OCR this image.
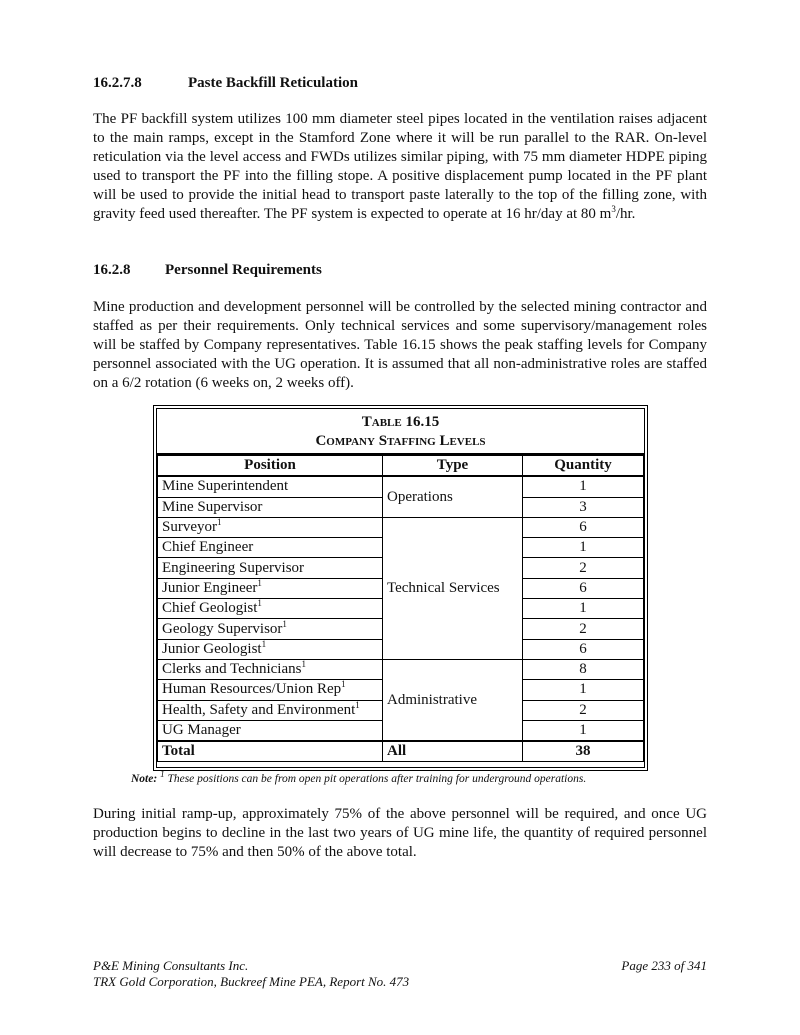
16.2.7.8	Paste Backfill Reticulation

The PF backfill system utilizes 100 mm diameter steel pipes located in the ventilation raises adjacent to the main ramps, except in the Stamford Zone where it will be run parallel to the RAR. On-level reticulation via the level access and FWDs utilizes similar piping, with 75 mm diameter HDPE piping used to transport the PF into the filling stope. A positive displacement pump located in the PF plant will be used to provide the initial head to transport paste laterally to the top of the filling zone, with gravity feed used thereafter. The PF system is expected to operate at 16 hr/day at 80 $m^3/hr$.

16.2.8 Personnel Requirements

Mine production and development personnel will be controlled by the selected mining contractor and staffed as per their requirements. Only technical services and some supervisory/management roles will be staffed by Company representatives. Table 16.15 shows the peak staffing levels for Company personnel associated with the UG operation. It is assumed that all non-administrative roles are staffed on a 6/2 rotation (6 weeks on, 2 weeks off).

Table 16.15
Company Staffing Levels
Position	Type	Quantity
Mine Superintendent	Operations	1
Mine Supervisor		3
Surveyor$^1$	Technical Services	6
Chief Engineer		1
Engineering Supervisor		2
Junior Engineer$^1$		6
Chief Geologist$^1$		1
Geology Supervisor$^1$		2
Junior Geologist$^1$		6
Clerks and Technicians$^1$	Administrative	8
Human Resources/Union Rep$^1$		1
Health, Safety and Environment$^1$		2
UG Manager		1
Total	All	38
Note: $^1$ These positions can be from open pit operations after training for underground operations.

During initial ramp-up, approximately 75% of the above personnel will be required, and once UG production begins to decline in the last two years of UG mine life, the quantity of required personnel will decrease to 75% and then 50% of the above total.

P&E Mining Consultants Inc.
TRX Gold Corporation, Buckreef Mine PEA, Report No. 473
Page 233 of 341
